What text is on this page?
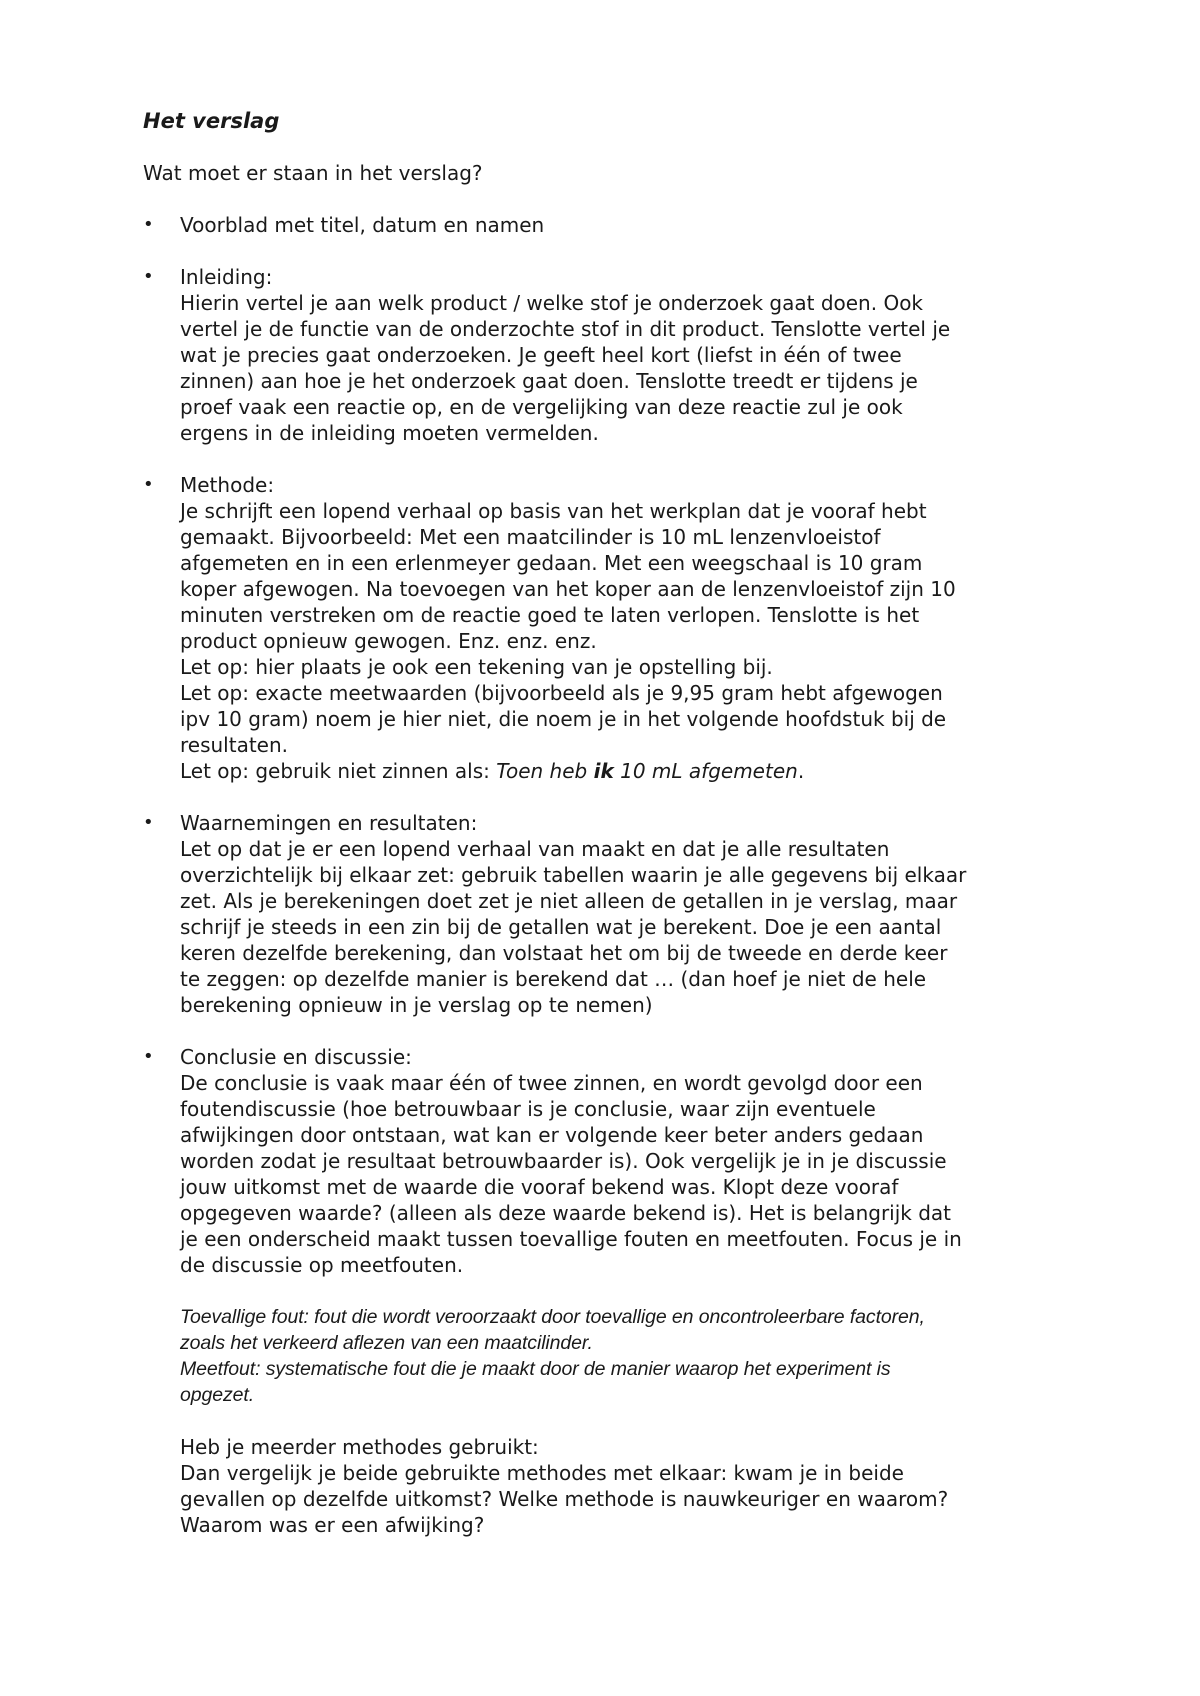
Het verslag
Wat moet er staan in het verslag?
•	Voorblad met titel, datum en namen
•	Inleiding:
Hierin vertel je aan welk product / welke stof je onderzoek gaat doen. Ook
vertel je de functie van de onderzochte stof in dit product. Tenslotte vertel je
wat je precies gaat onderzoeken. Je geeft heel kort (liefst in één of twee
zinnen) aan hoe je het onderzoek gaat doen. Tenslotte treedt er tijdens je
proef vaak een reactie op, en de vergelijking van deze reactie zul je ook
ergens in de inleiding moeten vermelden.
•	Methode:
Je schrijft een lopend verhaal op basis van het werkplan dat je vooraf hebt
gemaakt. Bijvoorbeeld: Met een maatcilinder is 10 mL lenzenvloeistof
afgemeten en in een erlenmeyer gedaan. Met een weegschaal is 10 gram
koper afgewogen. Na toevoegen van het koper aan de lenzenvloeistof zijn 10
minuten verstreken om de reactie goed te laten verlopen. Tenslotte is het
product opnieuw gewogen. Enz. enz. enz.
Let op: hier plaats je ook een tekening van je opstelling bij.
Let op: exacte meetwaarden (bijvoorbeeld als je 9,95 gram hebt afgewogen
ipv 10 gram) noem je hier niet, die noem je in het volgende hoofdstuk bij de
resultaten.
Let op: gebruik niet zinnen als: Toen heb ik 10 mL afgemeten.
•	Waarnemingen en resultaten:
Let op dat je er een lopend verhaal van maakt en dat je alle resultaten
overzichtelijk bij elkaar zet: gebruik tabellen waarin je alle gegevens bij elkaar
zet. Als je berekeningen doet zet je niet alleen de getallen in je verslag, maar
schrijf je steeds in een zin bij de getallen wat je berekent. Doe je een aantal
keren dezelfde berekening, dan volstaat het om bij de tweede en derde keer
te zeggen: op dezelfde manier is berekend dat … (dan hoef je niet de hele
berekening opnieuw in je verslag op te nemen)
•	Conclusie en discussie:
De conclusie is vaak maar één of twee zinnen, en wordt gevolgd door een
foutendiscussie (hoe betrouwbaar is je conclusie, waar zijn eventuele
afwijkingen door ontstaan, wat kan er volgende keer beter anders gedaan
worden zodat je resultaat betrouwbaarder is). Ook vergelijk je in je discussie
jouw uitkomst met de waarde die vooraf bekend was. Klopt deze vooraf
opgegeven waarde? (alleen als deze waarde bekend is). Het is belangrijk dat
je een onderscheid maakt tussen toevallige fouten en meetfouten. Focus je in
de discussie op meetfouten.
Toevallige fout: fout die wordt veroorzaakt door toevallige en oncontroleerbare factoren,
zoals het verkeerd aflezen van een maatcilinder.
Meetfout: systematische fout die je maakt door de manier waarop het experiment is
opgezet.
Heb je meerder methodes gebruikt:
Dan vergelijk je beide gebruikte methodes met elkaar: kwam je in beide
gevallen op dezelfde uitkomst? Welke methode is nauwkeuriger en waarom?
Waarom was er een afwijking?
